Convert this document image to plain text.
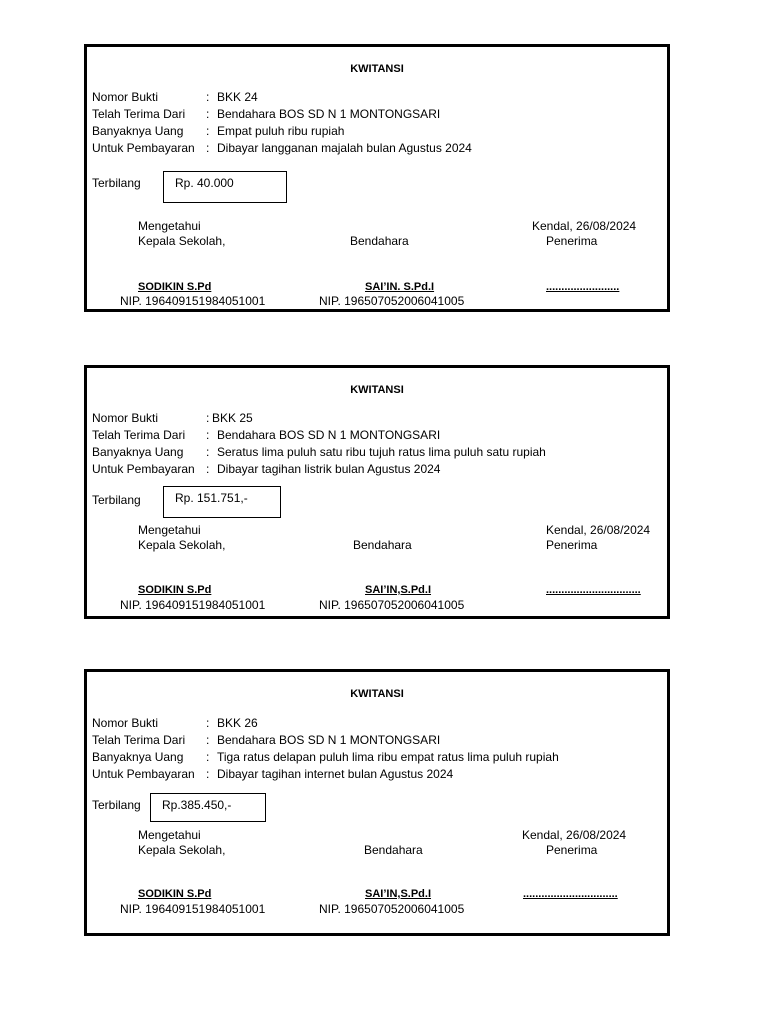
KWITANSI
Nomor Bukti	: BKK 24
Telah Terima Dari : Bendahara BOS SD N 1 MONTONGSARI
Banyaknya Uang : Empat puluh ribu rupiah
Untuk Pembayaran : Dibayar langganan majalah bulan Agustus 2024
Terbilang	Rp. 40.000
Mengetahui	Kendal, 26/08/2024
Kepala Sekolah,	Bendahara	Penerima
SODIKIN S.Pd	SAI’IN. S.Pd.I	........................
NIP. 196409151984051001	NIP. 196507052006041005
KWITANSI
Nomor Bukti	: BKK 25
Telah Terima Dari : Bendahara BOS SD N 1 MONTONGSARI
Banyaknya Uang : Seratus lima puluh satu ribu tujuh ratus lima puluh satu rupiah
Untuk Pembayaran : Dibayar tagihan listrik bulan Agustus 2024
Terbilang	Rp. 151.751,-
Mengetahui	Kendal, 26/08/2024
Kepala Sekolah,	Bendahara	Penerima
SODIKIN S.Pd	SAI’IN,S.Pd.I	...............................
NIP. 196409151984051001	NIP. 196507052006041005
KWITANSI
Nomor Bukti	: BKK 26
Telah Terima Dari : Bendahara BOS SD N 1 MONTONGSARI
Banyaknya Uang : Tiga ratus delapan puluh lima ribu empat ratus lima puluh rupiah
Untuk Pembayaran : Dibayar tagihan internet bulan Agustus 2024
Terbilang	Rp.385.450,-
Mengetahui	Kendal, 26/08/2024
Kepala Sekolah,	Bendahara	Penerima
SODIKIN S.Pd	SAI’IN,S.Pd.I	...............................
NIP. 196409151984051001	NIP. 196507052006041005
